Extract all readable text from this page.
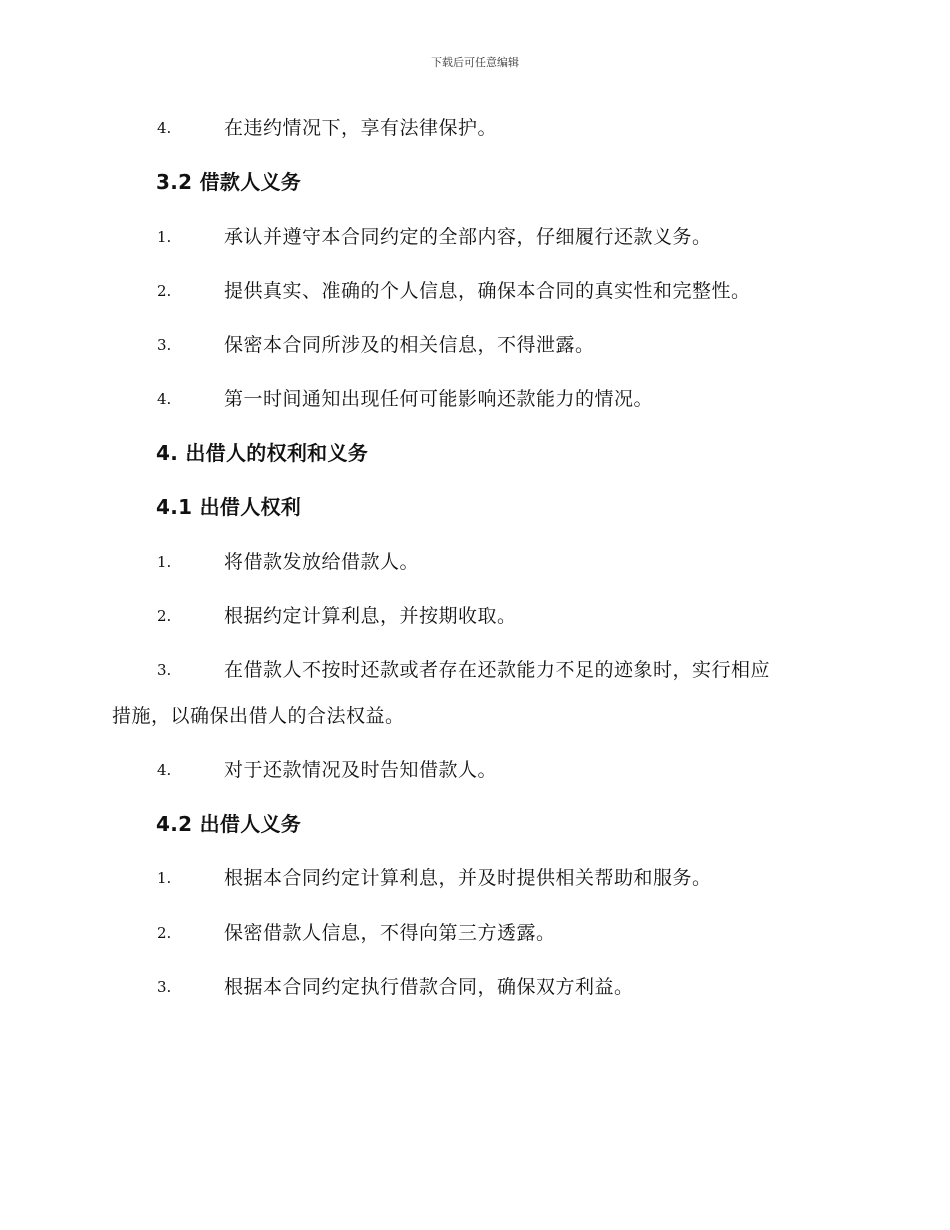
下载后可任意编辑
4.	在违约情况下，享有法律保护。
3.2 借款人义务
1.	承认并遵守本合同约定的全部内容，仔细履行还款义务。
2.	提供真实、准确的个人信息，确保本合同的真实性和完整性。
3.	保密本合同所涉及的相关信息，不得泄露。
4.	第一时间通知出现任何可能影响还款能力的情况。
4. 出借人的权利和义务
4.1 出借人权利
1.	将借款发放给借款人。
2.	根据约定计算利息，并按期收取。
3.	在借款人不按时还款或者存在还款能力不足的迹象时，实行相应
措施，以确保出借人的合法权益。
4.	对于还款情况及时告知借款人。
4.2 出借人义务
1.	根据本合同约定计算利息，并及时提供相关帮助和服务。
2.	保密借款人信息，不得向第三方透露。
3.	根据本合同约定执行借款合同，确保双方利益。
